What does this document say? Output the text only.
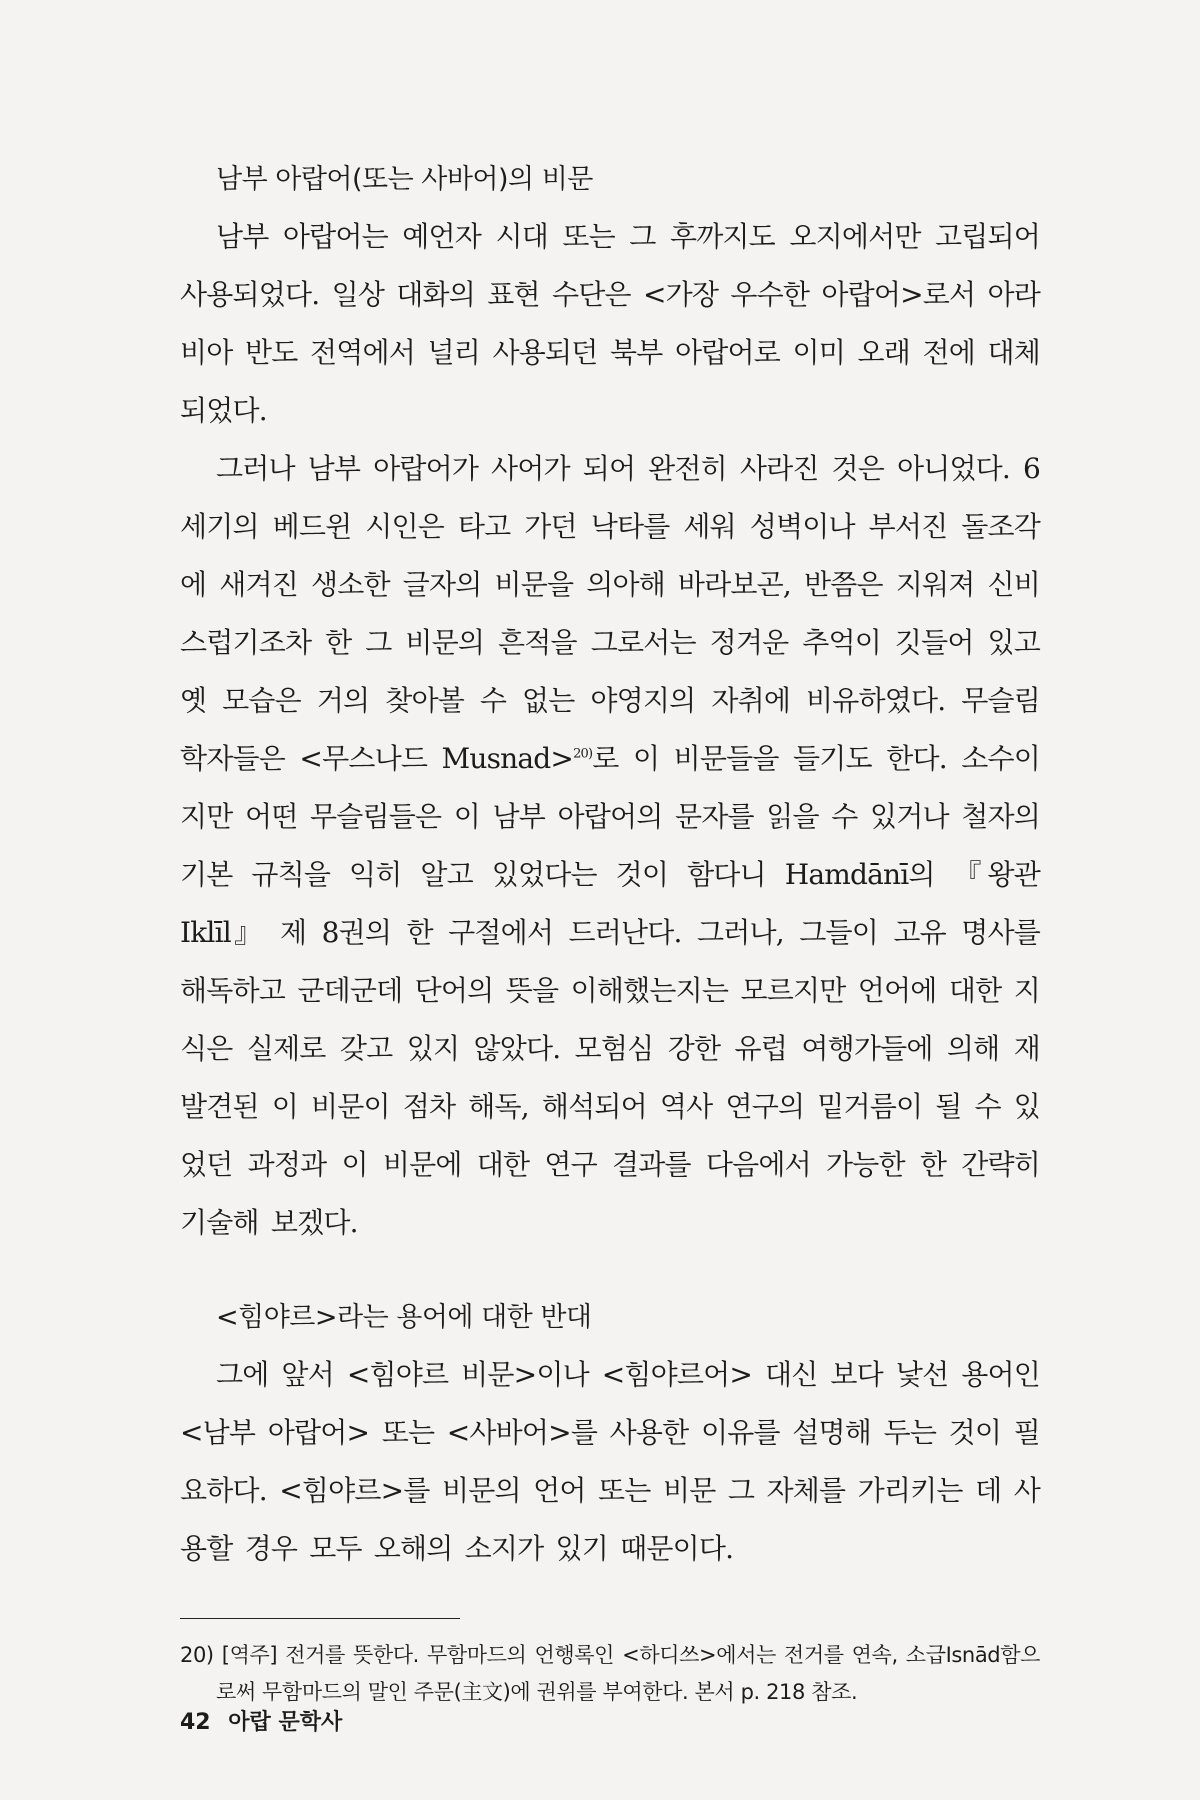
남부 아랍어(또는 사바어)의 비문

남부 아랍어는 예언자 시대 또는 그 후까지도 오지에서만 고립되어 사용되었다. 일상 대화의 표현 수단은 <가장 우수한 아랍어>로서 아라비아 반도 전역에서 널리 사용되던 북부 아랍어로 이미 오래 전에 대체되었다.

그러나 남부 아랍어가 사어가 되어 완전히 사라진 것은 아니었다. 6세기의 베드윈 시인은 타고 가던 낙타를 세워 성벽이나 부서진 돌조각에 새겨진 생소한 글자의 비문을 의아해 바라보곤, 반쯤은 지워져 신비스럽기조차 한 그 비문의 흔적을 그로서는 정겨운 추억이 깃들어 있고 옛 모습은 거의 찾아볼 수 없는 야영지의 자취에 비유하였다. 무슬림 학자들은 <무스나드 Musnad>$^{20)}$로 이 비문들을 들기도 한다. 소수이지만 어떤 무슬림들은 이 남부 아랍어의 문자를 읽을 수 있거나 철자의 기본 규칙을 익히 알고 있었다는 것이 함다니 Hamdānī의 『왕관 Iklīl』 제 8권의 한 구절에서 드러난다. 그러나, 그들이 고유 명사를 해독하고 군데군데 단어의 뜻을 이해했는지는 모르지만 언어에 대한 지식은 실제로 갖고 있지 않았다. 모험심 강한 유럽 여행가들에 의해 재발견된 이 비문이 점차 해독, 해석되어 역사 연구의 밑거름이 될 수 있었던 과정과 이 비문에 대한 연구 결과를 다음에서 가능한 한 간략히 기술해 보겠다.

<힘야르>라는 용어에 대한 반대

그에 앞서 <힘야르 비문>이나 <힘야르어> 대신 보다 낯선 용어인 <남부 아랍어> 또는 <사바어>를 사용한 이유를 설명해 두는 것이 필요하다. <힘야르>를 비문의 언어 또는 비문 그 자체를 가리키는 데 사용할 경우 모두 오해의 소지가 있기 때문이다.

20) [역주] 전거를 뜻한다. 무함마드의 언행록인 <하디쓰>에서는 전거를 연속, 소급Isnād함으로써 무함마드의 말인 주문(主文)에 권위를 부여한다. 본서 p. 218 참조.

42 아랍 문학사
